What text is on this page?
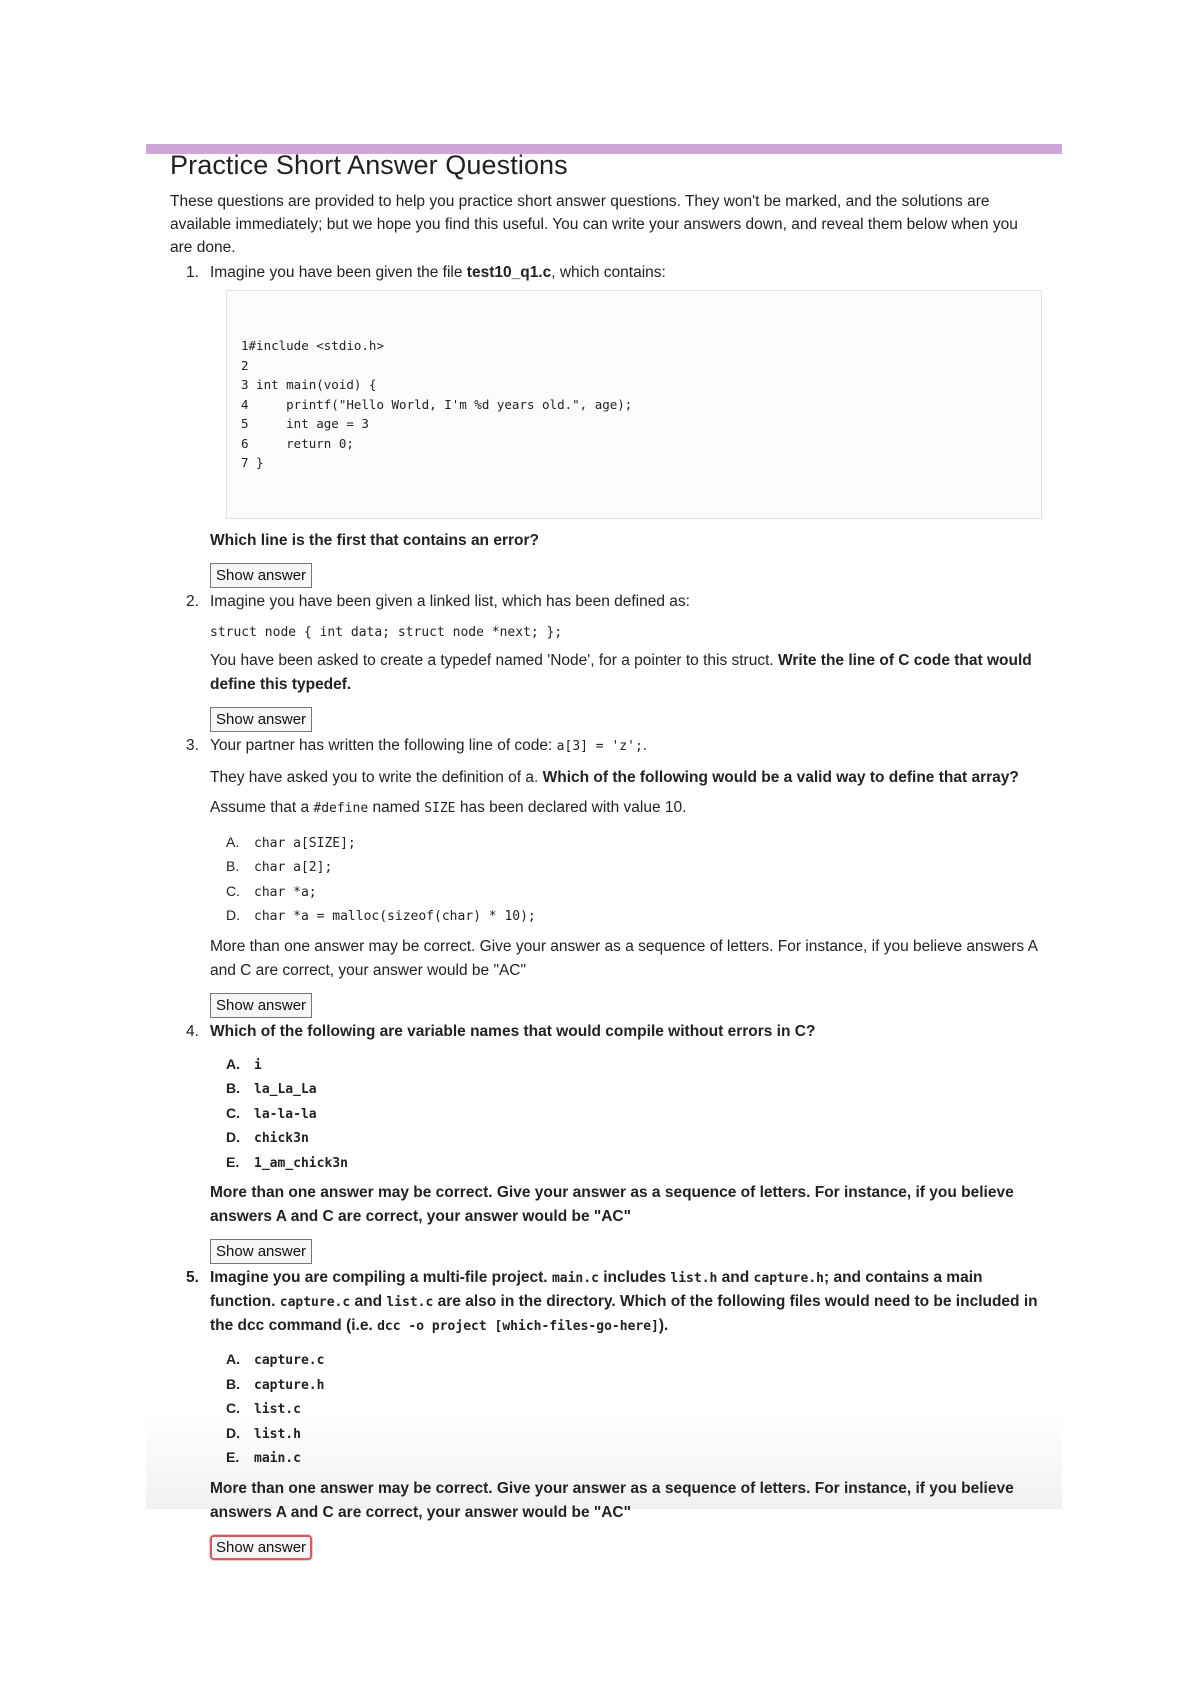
Practice Short Answer Questions

These questions are provided to help you practice short answer questions. They won't be marked, and the solutions are available immediately; but we hope you find this useful. You can write your answers down, and reveal them below when you are done.

1. Imagine you have been given the file test10_q1.c, which contains:

1#include <stdio.h>
2
3 int main(void) {
4     printf("Hello World, I'm %d years old.", age);
5     int age = 3
6     return 0;
7 }

Which line is the first that contains an error?

Show answer
2. Imagine you have been given a linked list, which has been defined as:

struct node { int data; struct node *next; };

You have been asked to create a typedef named 'Node', for a pointer to this struct. Write the line of C code that would define this typedef.

Show answer
3. Your partner has written the following line of code: a[3] = 'z';.

They have asked you to write the definition of a. Which of the following would be a valid way to define that array?

Assume that a #define named SIZE has been declared with value 10.

A. char a[SIZE];
B. char a[2];
C. char *a;
D. char *a = malloc(sizeof(char) * 10);

More than one answer may be correct. Give your answer as a sequence of letters. For instance, if you believe answers A and C are correct, your answer would be "AC"

Show answer
4. Which of the following are variable names that would compile without errors in C?

A. i
B. la_La_La
C. la-la-la
D. chick3n
E. 1_am_chick3n

More than one answer may be correct. Give your answer as a sequence of letters. For instance, if you believe answers A and C are correct, your answer would be "AC"

Show answer
5. Imagine you are compiling a multi-file project. main.c includes list.h and capture.h; and contains a main function. capture.c and list.c are also in the directory. Which of the following files would need to be included in the dcc command (i.e. dcc -o project [which-files-go-here]).

A. capture.c
B. capture.h
C. list.c
D. list.h
E. main.c

More than one answer may be correct. Give your answer as a sequence of letters. For instance, if you believe answers A and C are correct, your answer would be "AC"

Show answer
